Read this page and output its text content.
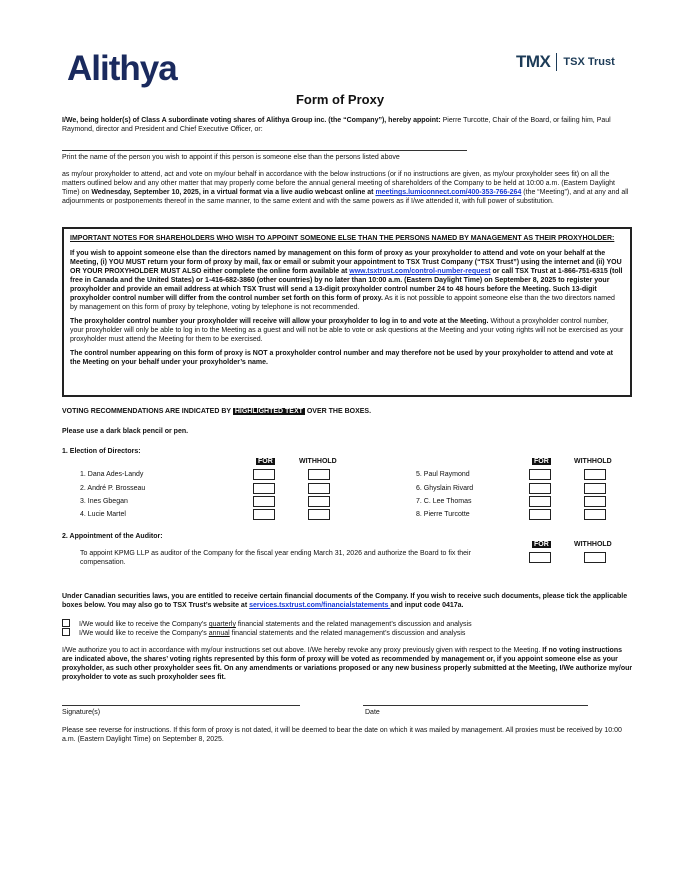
Alithya	TMX TSX Trust
Form of Proxy
I/We, being holder(s) of Class A subordinate voting shares of Alithya Group inc. (the “Company”), hereby appoint: Pierre Turcotte, Chair of the Board, or failing him, Paul Raymond, director and President and Chief Executive Officer, or:
Print the name of the person you wish to appoint if this person is someone else than the persons listed above
as my/our proxyholder to attend, act and vote on my/our behalf in accordance with the below instructions (or if no instructions are given, as my/our proxyholder sees fit) on all the matters outlined below and any other matter that may properly come before the annual general meeting of shareholders of the Company to be held at 10:00 a.m. (Eastern Daylight Time) on Wednesday, September 10, 2025, in a virtual format via a live audio webcast online at meetings.lumiconnect.com/400-353-766-264 (the “Meeting”), and at any and all adjournments or postponements thereof in the same manner, to the same extent and with the same powers as if I/we attended it, with full power of substitution.

IMPORTANT NOTES FOR SHAREHOLDERS WHO WISH TO APPOINT SOMEONE ELSE THAN THE PERSONS NAMED BY MANAGEMENT AS THEIR PROXYHOLDER:

If you wish to appoint someone else than the directors named by management on this form of proxy as your proxyholder to attend and vote on your behalf at the Meeting, (i) YOU MUST return your form of proxy by mail, fax or email or submit your appointment to TSX Trust Company (“TSX Trust”) using the internet and (ii) YOU OR YOUR PROXYHOLDER MUST ALSO either complete the online form available at www.tsxtrust.com/control-number-request or call TSX Trust at 1-866-751-6315 (toll free in Canada and the United States) or 1-416-682-3860 (other countries) by no later than 10:00 a.m. (Eastern Daylight Time) on September 8, 2025 to register your proxyholder and provide an email address at which TSX Trust will send a 13-digit proxyholder control number 24 to 48 hours before the Meeting. Such 13-digit proxyholder control number will differ from the control number set forth on this form of proxy. As it is not possible to appoint someone else than the two directors named by management on this form of proxy by telephone, voting by telephone is not recommended.

The proxyholder control number your proxyholder will receive will allow your proxyholder to log in to and vote at the Meeting. Without a proxyholder control number, your proxyholder will only be able to log in to the Meeting as a guest and will not be able to vote or ask questions at the Meeting and your voting rights will not be exercised as your proxyholder must attend the Meeting for them to be exercised.

The control number appearing on this form of proxy is NOT a proxyholder control number and may therefore not be used by your proxyholder to attend and vote at the Meeting on your behalf under your proxyholder’s name.

VOTING RECOMMENDATIONS ARE INDICATED BY HIGHLIGHTED TEXT OVER THE BOXES.
Please use a dark black pencil or pen.
1. Election of Directors:
FOR	WITHHOLD	FOR	WITHHOLD
1. Dana Ades-Landy
2. André P. Brosseau
3. Ines Gbegan
4. Lucie Martel
5. Paul Raymond
6. Ghyslain Rivard
7. C. Lee Thomas
8. Pierre Turcotte
2. Appointment of the Auditor:
FOR	WITHHOLD
To appoint KPMG LLP as auditor of the Company for the fiscal year ending March 31, 2026 and authorize the Board to fix their compensation.
Under Canadian securities laws, you are entitled to receive certain financial documents of the Company. If you wish to receive such documents, please tick the applicable boxes below. You may also go to TSX Trust’s website at services.tsxtrust.com/financialstatements and input code 0417a.
I/We would like to receive the Company’s quarterly financial statements and the related management’s discussion and analysis
I/We would like to receive the Company’s annual financial statements and the related management’s discussion and analysis
I/We authorize you to act in accordance with my/our instructions set out above. I/We hereby revoke any proxy previously given with respect to the Meeting. If no voting instructions are indicated above, the shares’ voting rights represented by this form of proxy will be voted as recommended by management or, if you appoint someone else as your proxyholder, as such other proxyholder sees fit. On any amendments or variations proposed or any new business properly submitted at the Meeting, I/We authorize my/our proxyholder to vote as such proxyholder sees fit.
Signature(s)	Date
Please see reverse for instructions. If this form of proxy is not dated, it will be deemed to bear the date on which it was mailed by management. All proxies must be received by 10:00 a.m. (Eastern Daylight Time) on September 8, 2025.
